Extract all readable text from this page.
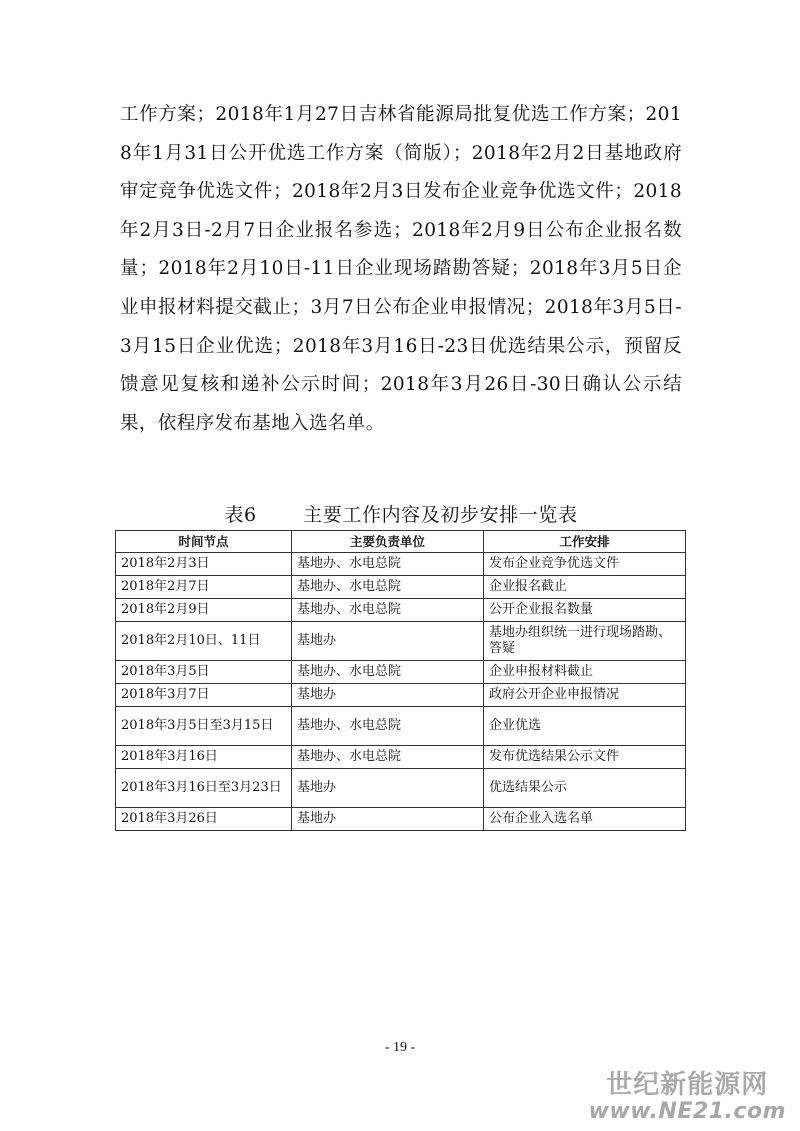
工作方案；2018年1月27日吉林省能源局批复优选工作方案；2018年1月31日公开优选工作方案（简版）；2018年2月2日基地政府审定竞争优选文件；2018年2月3日发布企业竞争优选文件；2018年2月3日-2月7日企业报名参选；2018年2月9日公布企业报名数量；2018年2月10日-11日企业现场踏勘答疑；2018年3月5日企业申报材料提交截止；3月7日公布企业申报情况；2018年3月5日-3月15日企业优选；2018年3月16日-23日优选结果公示，预留反馈意见复核和递补公示时间；2018年3月26日-30日确认公示结果，依程序发布基地入选名单。

表6       主要工作内容及初步安排一览表

时间节点	主要负责单位	工作安排
2018年2月3日	基地办、水电总院	发布企业竞争优选文件
2018年2月7日	基地办、水电总院	企业报名截止
2018年2月9日	基地办、水电总院	公开企业报名数量
2018年2月10日、11日	基地办	基地办组织统一进行现场踏勘、答疑
2018年3月5日	基地办、水电总院	企业申报材料截止
2018年3月7日	基地办	政府公开企业申报情况
2018年3月5日至3月15日	基地办、水电总院	企业优选
2018年3月16日	基地办、水电总院	发布优选结果公示文件
2018年3月16日至3月23日	基地办	优选结果公示
2018年3月26日	基地办	公布企业入选名单
- 19 -
世纪新能源网
www.NE21.com
